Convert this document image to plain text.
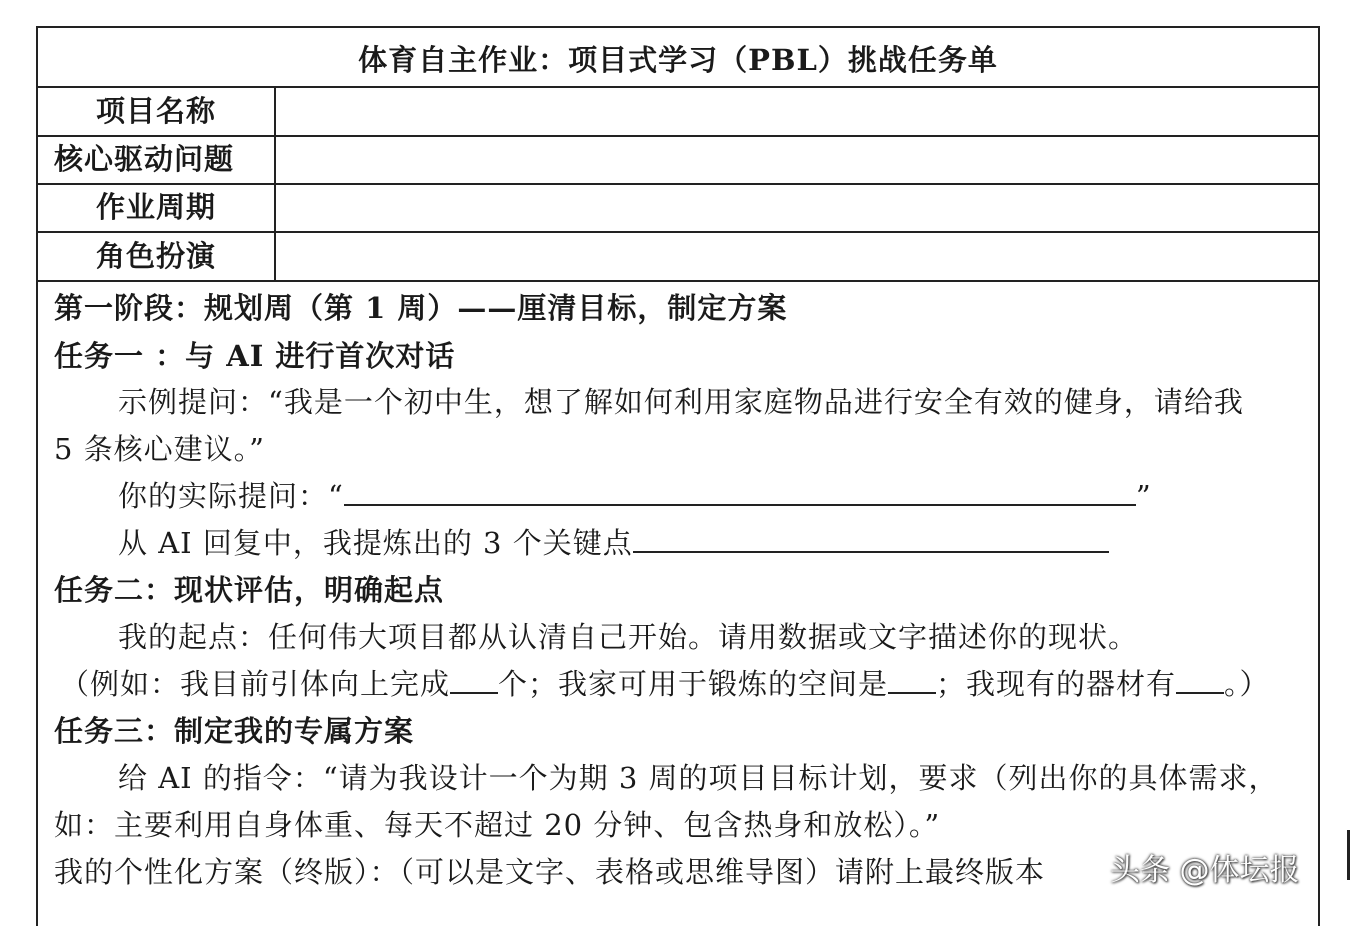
体育自主作业：项目式学习（PBL）挑战任务单
项目名称
核心驱动问题
作业周期
角色扮演
第一阶段：规划周（第 1 周）——厘清目标，制定方案
任务一 ：与 AI 进行首次对话
示例提问：“我是一个初中生，想了解如何利用家庭物品进行安全有效的健身，请给我
5 条核心建议。”
你的实际提问：“	”
从 AI 回复中，我提炼出的 3 个关键点
任务二：现状评估，明确起点
我的起点：任何伟大项目都从认清自己开始。请用数据或文字描述你的现状。
（例如：我目前引体向上完成 个；我家可用于锻炼的空间是 ；我现有的器材有 。）
任务三：制定我的专属方案
给 AI 的指令：“请为我设计一个为期 3 周的项目目标计划，要求（列出你的具体需求，
如：主要利用自身体重、每天不超过 20 分钟、包含热身和放松）。”
我的个性化方案（终版）：（可以是文字、表格或思维导图）请附上最终版本 头条 @体坛报
